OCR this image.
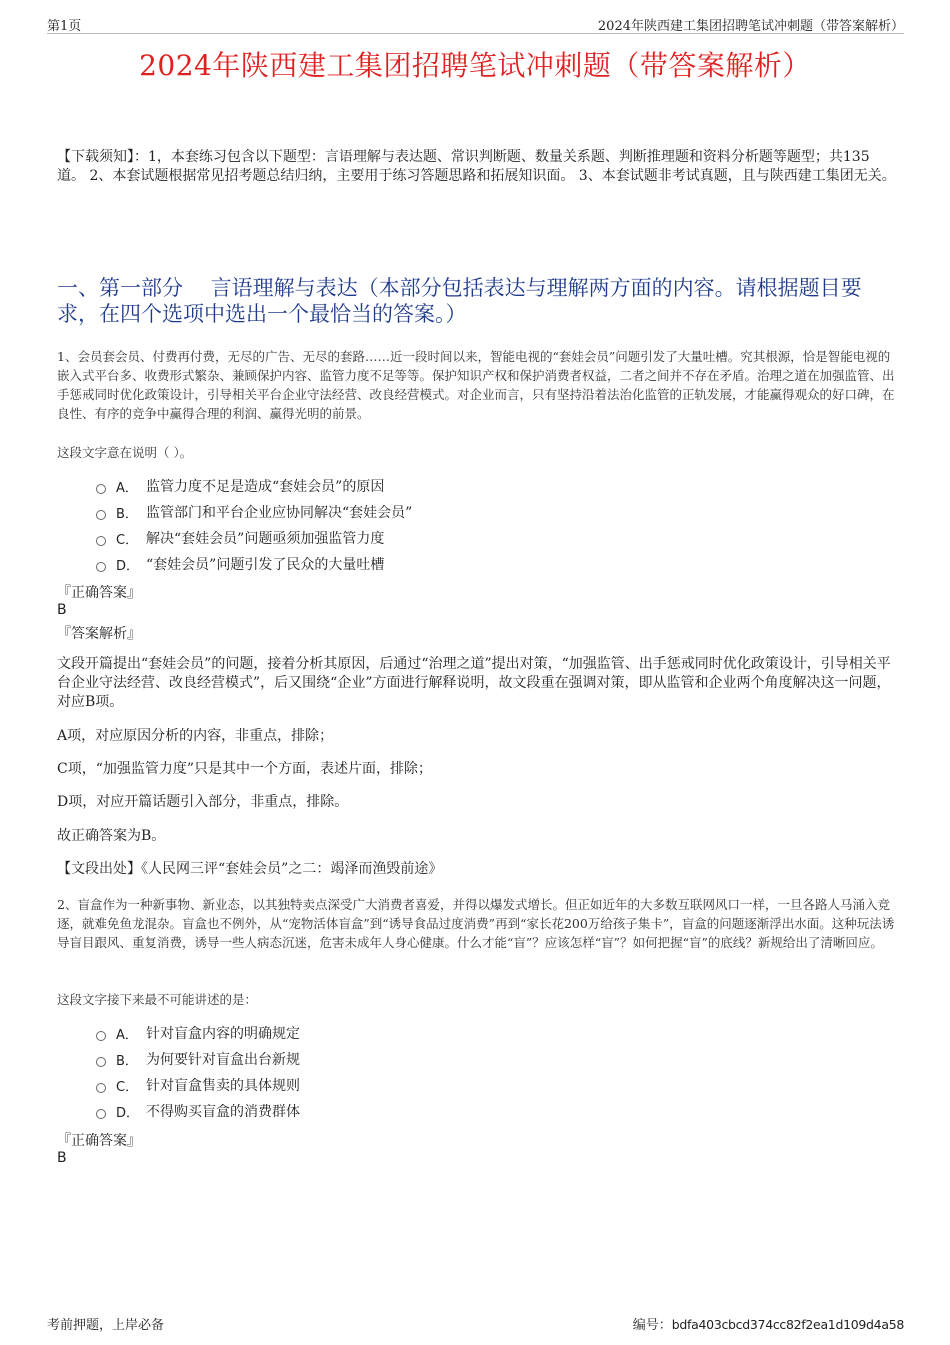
第1页	2024年陕西建工集团招聘笔试冲刺题（带答案解析）
2024年陕西建工集团招聘笔试冲刺题（带答案解析）
【下载须知】：1，本套练习包含以下题型：言语理解与表达题、常识判断题、数量关系题、判断推理题和资料分析题等题型；共135道。 2、本套试题根据常见招考题总结归纳，主要用于练习答题思路和拓展知识面。 3、本套试题非考试真题，且与陕西建工集团无关。
一、第一部分　 言语理解与表达（本部分包括表达与理解两方面的内容。请根据题目要求，在四个选项中选出一个最恰当的答案。）
1、会员套会员、付费再付费，无尽的广告、无尽的套路……近一段时间以来，智能电视的“套娃会员”问题引发了大量吐槽。究其根源，恰是智能电视的嵌入式平台多、收费形式繁杂、兼顾保护内容、监管力度不足等等。保护知识产权和保护消费者权益，二者之间并不存在矛盾。治理之道在加强监管、出手惩戒同时优化政策设计，引导相关平台企业守法经营、改良经营模式。对企业而言，只有坚持沿着法治化监管的正轨发展，才能赢得观众的好口碑，在良性、有序的竞争中赢得合理的利润、赢得光明的前景。
这段文字意在说明（ ）。
A． 监管力度不足是造成“套娃会员”的原因
B． 监管部门和平台企业应协同解决“套娃会员”
C． 解决“套娃会员”问题亟须加强监管力度
D． “套娃会员”问题引发了民众的大量吐槽
『正确答案』
B
『答案解析』
文段开篇提出“套娃会员”的问题，接着分析其原因，后通过“治理之道”提出对策，“加强监管、出手惩戒同时优化政策设计，引导相关平台企业守法经营、改良经营模式”，后又围绕“企业”方面进行解释说明，故文段重在强调对策，即从监管和企业两个角度解决这一问题，对应B项。
A项，对应原因分析的内容，非重点，排除；
C项，“加强监管力度”只是其中一个方面，表述片面，排除；
D项，对应开篇话题引入部分，非重点，排除。
故正确答案为B。
【文段出处】《人民网三评“套娃会员”之二：竭泽而渔毁前途》
2、盲盒作为一种新事物、新业态，以其独特卖点深受广大消费者喜爱，并得以爆发式增长。但正如近年的大多数互联网风口一样，一旦各路人马涌入竞逐，就难免鱼龙混杂。盲盒也不例外，从“宠物活体盲盒”到“诱导食品过度消费”再到“家长花200万给孩子集卡”，盲盒的问题逐渐浮出水面。这种玩法诱导盲目跟风、重复消费，诱导一些人病态沉迷，危害未成年人身心健康。什么才能“盲”？应该怎样“盲”？如何把握“盲”的底线？新规给出了清晰回应。
这段文字接下来最不可能讲述的是：
A． 针对盲盒内容的明确规定
B． 为何要针对盲盒出台新规
C． 针对盲盒售卖的具体规则
D． 不得购买盲盒的消费群体
『正确答案』
B
考前押题，上岸必备	编号：bdfa403cbcd374cc82f2ea1d109d4a58
